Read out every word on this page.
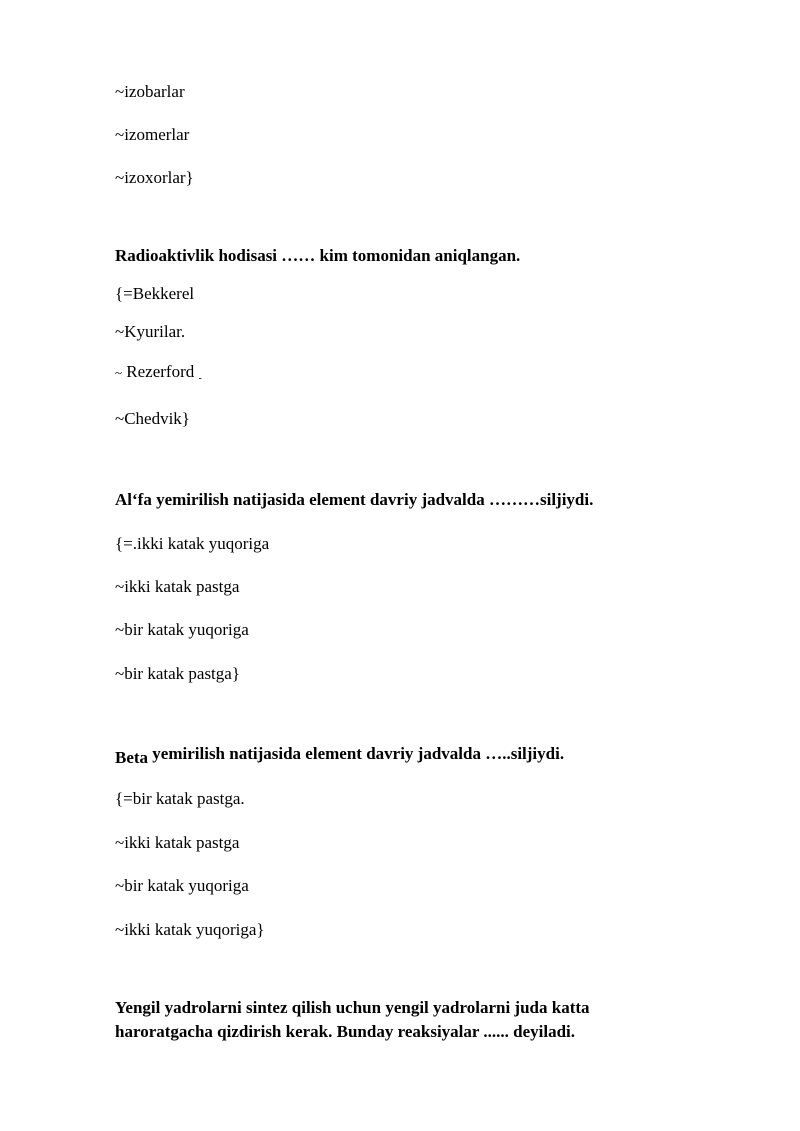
~izobarlar
~izomerlar
~izoxorlar}
Radioaktivlik hodisasi …… kim tomonidan aniqlangan.
{=Bekkerel
~Kyurilar.
~ Rezerford $_-$
~Chedvik}
Al‘fa yemirilish natijasida element davriy jadvalda ………siljiydi.
{=.ikki katak yuqoriga
~ikki katak pastga
~bir katak yuqoriga
~bir katak pastga}
Beta yemirilish natijasida element davriy jadvalda …..siljiydi.
{=bir katak pastga.
~ikki katak pastga
~bir katak yuqoriga
~ikki katak yuqoriga}
Yengil yadrolarni sintez qilish uchun yengil yadrolarni juda katta haroratgacha qizdirish kerak. Bunday reaksiyalar ...... deyiladi.
